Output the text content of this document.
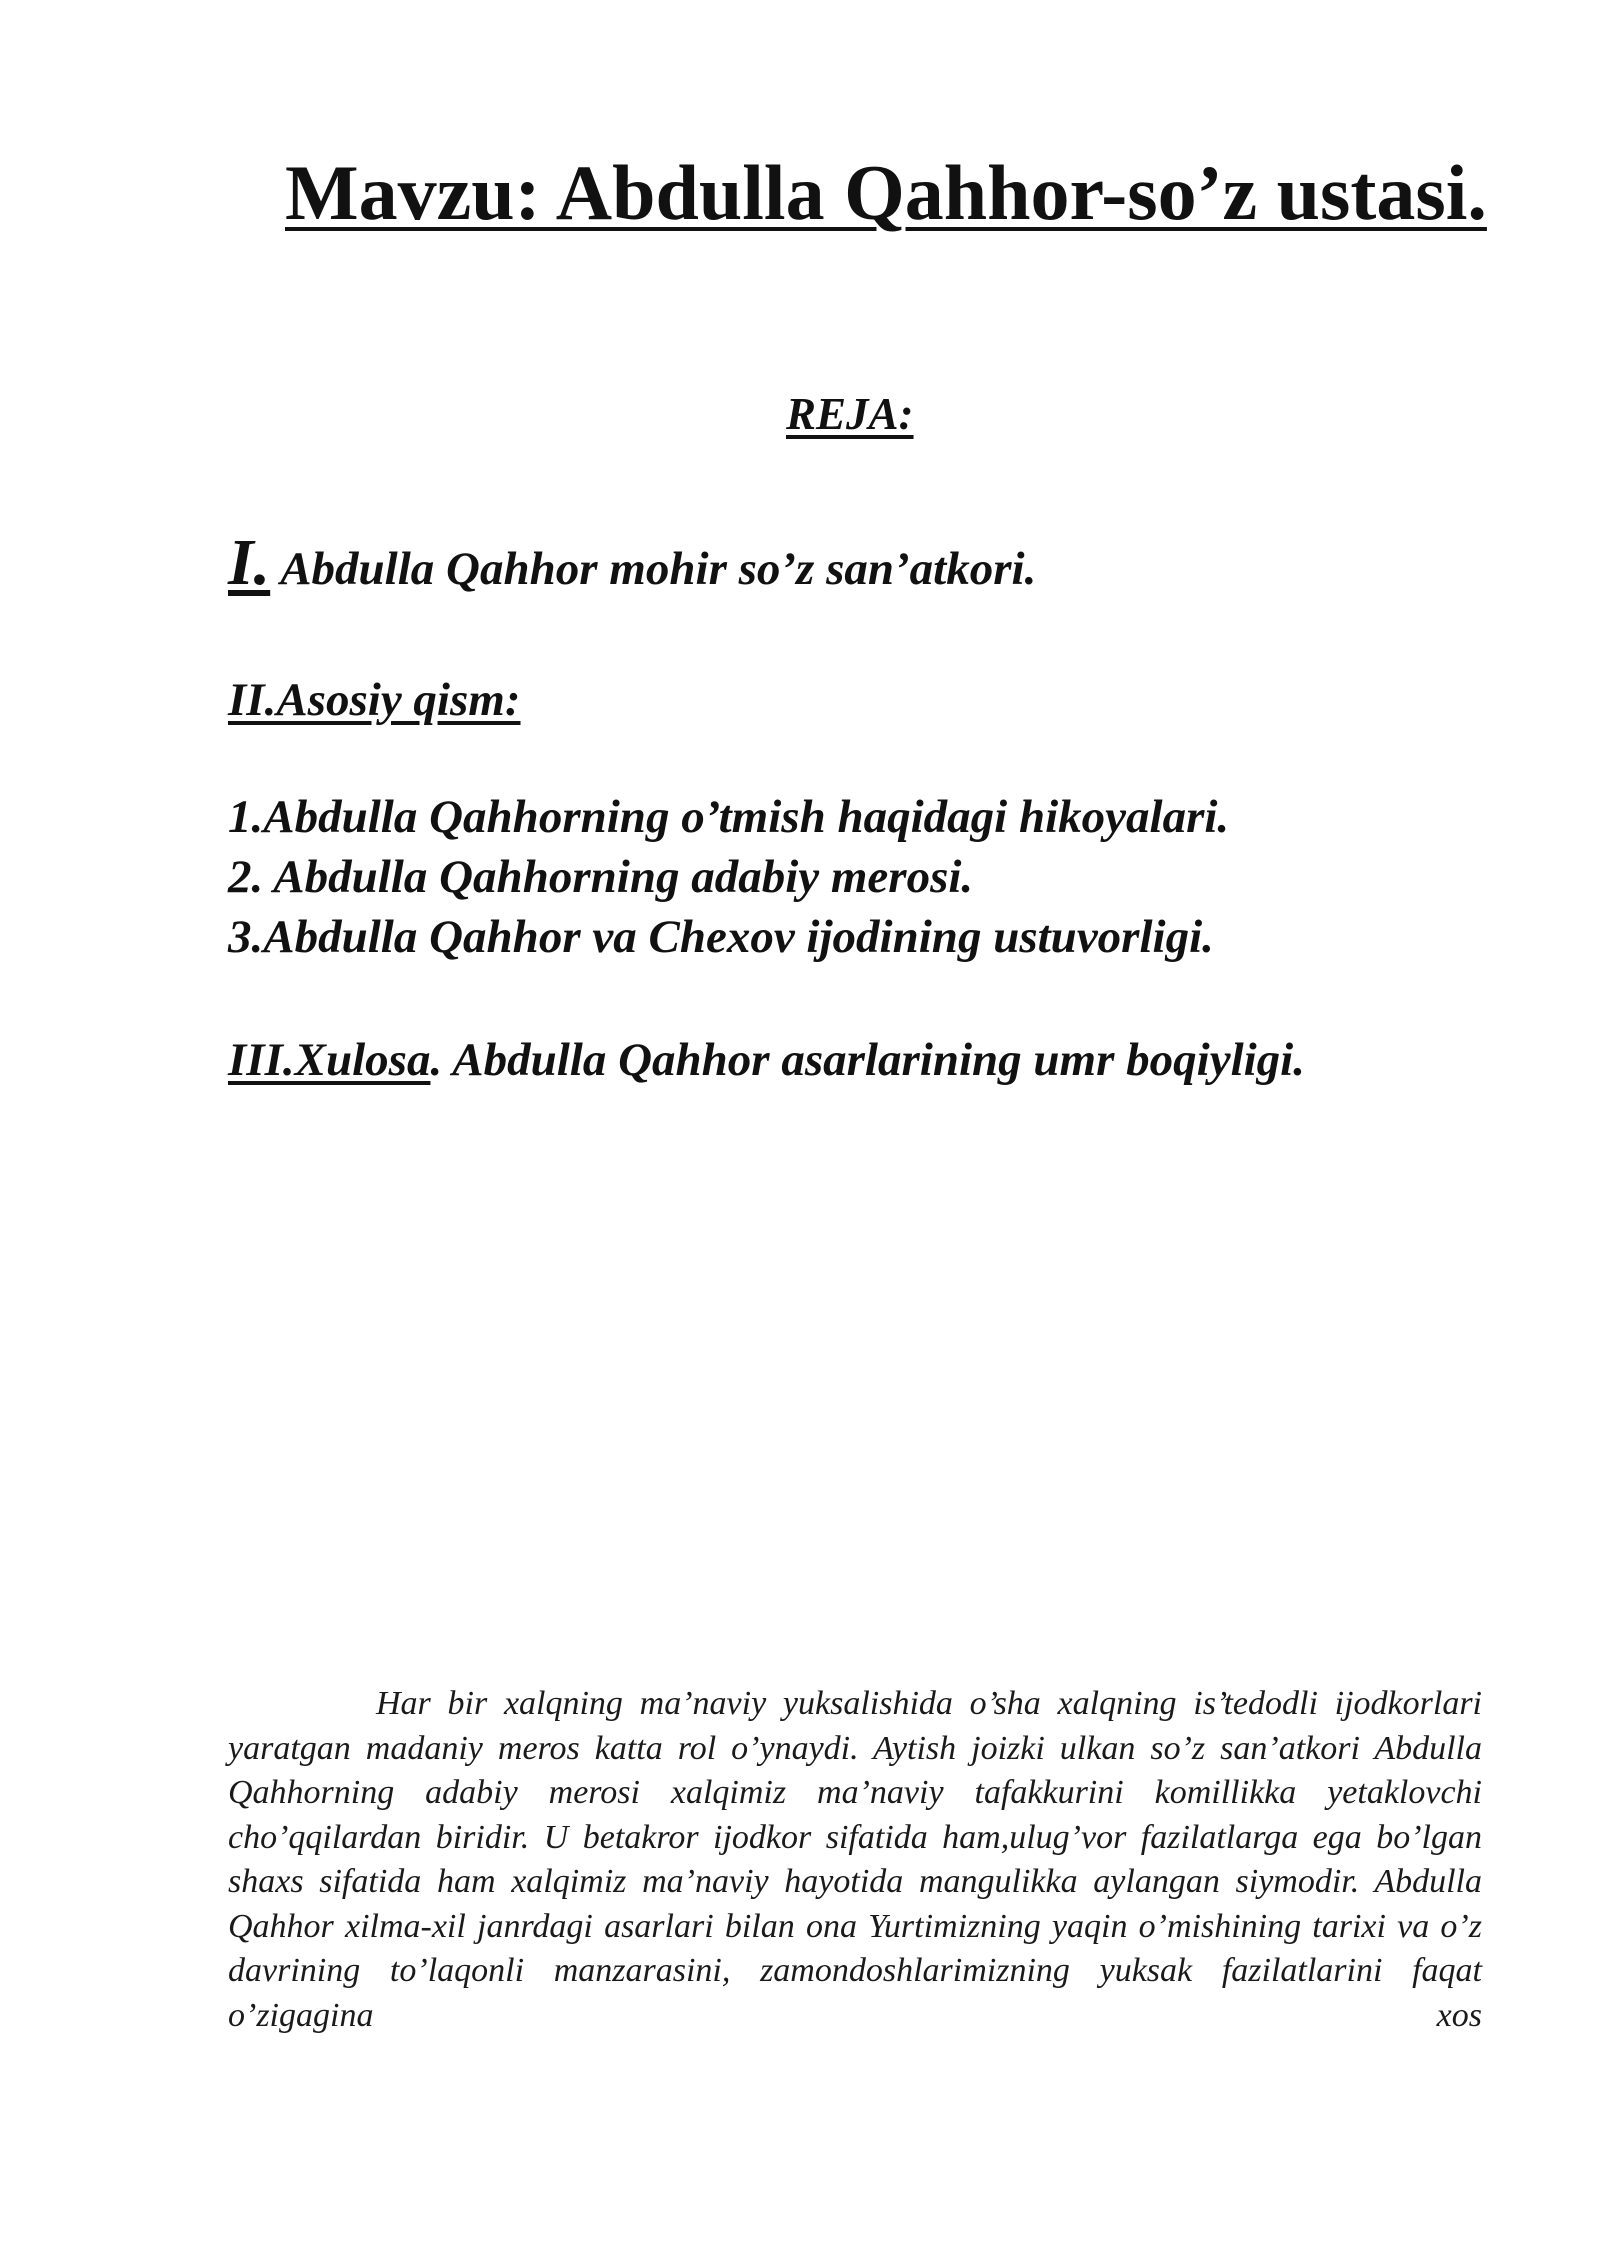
Mavzu: Abdulla Qahhor-so’z ustasi.
REJA:
I. Abdulla Qahhor mohir so’z san’atkori.
II.Asosiy qism:
1.Abdulla Qahhorning o’tmish haqidagi hikoyalari.
2. Abdulla Qahhorning adabiy merosi.
3.Abdulla Qahhor va Chexov ijodining ustuvorligi.
III.Xulosa. Abdulla Qahhor asarlarining umr boqiyligi.

Har bir xalqning ma’naviy yuksalishida o’sha xalqning is’tedodli ijodkorlari yaratgan madaniy meros katta rol o’ynaydi. Aytish joizki ulkan so’z san’atkori Abdulla Qahhorning adabiy merosi xalqimiz ma’naviy tafakkurini komillikka yetaklovchi cho’qqilardan biridir. U betakror ijodkor sifatida ham,ulug’vor fazilatlarga ega bo’lgan shaxs sifatida ham xalqimiz ma’naviy hayotida mangulikka aylangan siymodir. Abdulla Qahhor xilma-xil janrdagi asarlari bilan ona Yurtimizning yaqin o’mishining tarixi va o’z davrining to’laqonli manzarasini, zamondoshlarimizning yuksak fazilatlarini faqat o’zigagina xos
